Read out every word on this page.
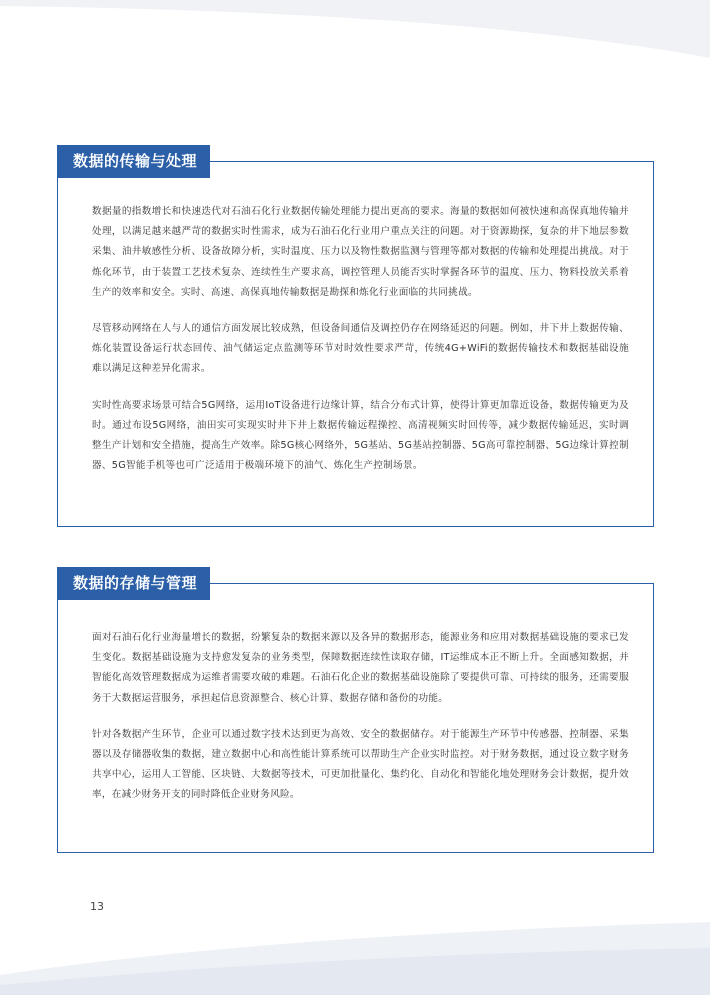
数据量的指数增长和快速迭代对石油石化行业数据传输处理能力提出更高的要求。海量的数据如何被快速和高保真地传输并处理，以满足越来越严苛的数据实时性需求，成为石油石化行业用户重点关注的问题。对于资源勘探，复杂的井下地层参数采集、油井敏感性分析、设备故障分析，实时温度、压力以及物性数据监测与管理等都对数据的传输和处理提出挑战。对于炼化环节，由于装置工艺技术复杂、连续性生产要求高，调控管理人员能否实时掌握各环节的温度、压力、物料投放关系着生产的效率和安全。实时、高速、高保真地传输数据是勘探和炼化行业面临的共同挑战。

尽管移动网络在人与人的通信方面发展比较成熟，但设备间通信及调控仍存在网络延迟的问题。例如，井下井上数据传输、炼化装置设备运行状态回传、油气储运定点监测等环节对时效性要求严苛，传统4G+WiFi的数据传输技术和数据基础设施难以满足这种差异化需求。

实时性高要求场景可结合5G网络，运用IoT设备进行边缘计算，结合分布式计算，使得计算更加靠近设备，数据传输更为及时。通过布设5G网络，油田实可实现实时井下井上数据传输远程操控、高清视频实时回传等，减少数据传输延迟，实时调整生产计划和安全措施，提高生产效率。除5G核心网络外，5G基站、5G基站控制器、5G高可靠控制器、5G边缘计算控制器、5G智能手机等也可广泛适用于极端环境下的油气、炼化生产控制场景。

数据的传输与处理

面对石油石化行业海量增长的数据，纷繁复杂的数据来源以及各异的数据形态，能源业务和应用对数据基础设施的要求已发生变化。数据基础设施为支持愈发复杂的业务类型，保障数据连续性读取存储，IT运维成本正不断上升。全面感知数据，并智能化高效管理数据成为运维者需要攻破的难题。石油石化企业的数据基础设施除了要提供可靠、可持续的服务，还需要服务于大数据运营服务，承担起信息资源整合、核心计算、数据存储和备份的功能。

针对各数据产生环节，企业可以通过数字技术达到更为高效、安全的数据储存。对于能源生产环节中传感器、控制器、采集器以及存储器收集的数据，建立数据中心和高性能计算系统可以帮助生产企业实时监控。对于财务数据，通过设立数字财务共享中心，运用人工智能、区块链、大数据等技术，可更加批量化、集约化、自动化和智能化地处理财务会计数据，提升效率，在减少财务开支的同时降低企业财务风险。

数据的存储与管理
13
